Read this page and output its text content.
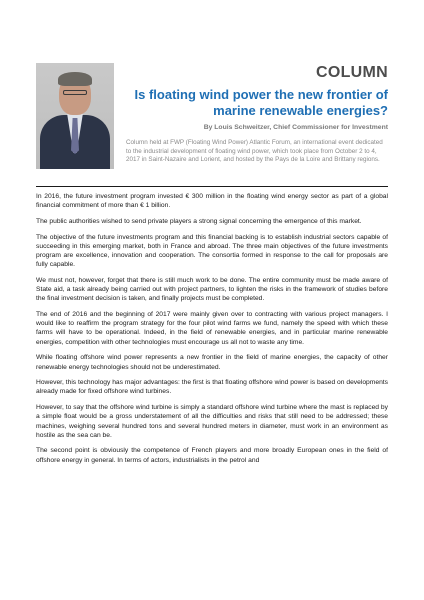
COLUMN
Is floating wind power the new frontier of marine renewable energies?
By Louis Schweitzer, Chief Commissioner for Investment
Column held at FWP (Floating Wind Power) Atlantic Forum, an international event dedicated to the industrial development of floating wind power, which took place from October 2 to 4, 2017 in Saint-Nazaire and Lorient, and hosted by the Pays de la Loire and Brittany regions.

In 2016, the future investment program invested € 300 million in the floating wind energy sector as part of a global financial commitment of more than € 1 billion.

The public authorities wished to send private players a strong signal concerning the emergence of this market.

The objective of the future investments program and this financial backing is to establish industrial sectors capable of succeeding in this emerging market, both in France and abroad. The three main objectives of the future investments program are excellence, innovation and cooperation. The consortia formed in response to the call for proposals are fully capable.

We must not, however, forget that there is still much work to be done. The entire community must be made aware of State aid, a task already being carried out with project partners, to lighten the risks in the framework of studies before the final investment decision is taken, and finally projects must be completed.

The end of 2016 and the beginning of 2017 were mainly given over to contracting with various project managers. I would like to reaffirm the program strategy for the four pilot wind farms we fund, namely the speed with which these farms will have to be operational. Indeed, in the field of renewable energies, and in particular marine renewable energies, competition with other technologies must encourage us all not to waste any time.

While floating offshore wind power represents a new frontier in the field of marine energies, the capacity of other renewable energy technologies should not be underestimated.

However, this technology has major advantages: the first is that floating offshore wind power is based on developments already made for fixed offshore wind turbines.

However, to say that the offshore wind turbine is simply a standard offshore wind turbine where the mast is replaced by a simple float would be a gross understatement of all the difficulties and risks that still need to be addressed; these machines, weighing several hundred tons and several hundred meters in diameter, must work in an environment as hostile as the sea can be.

The second point is obviously the competence of French players and more broadly European ones in the field of offshore energy in general. In terms of actors, industrialists in the petrol and
